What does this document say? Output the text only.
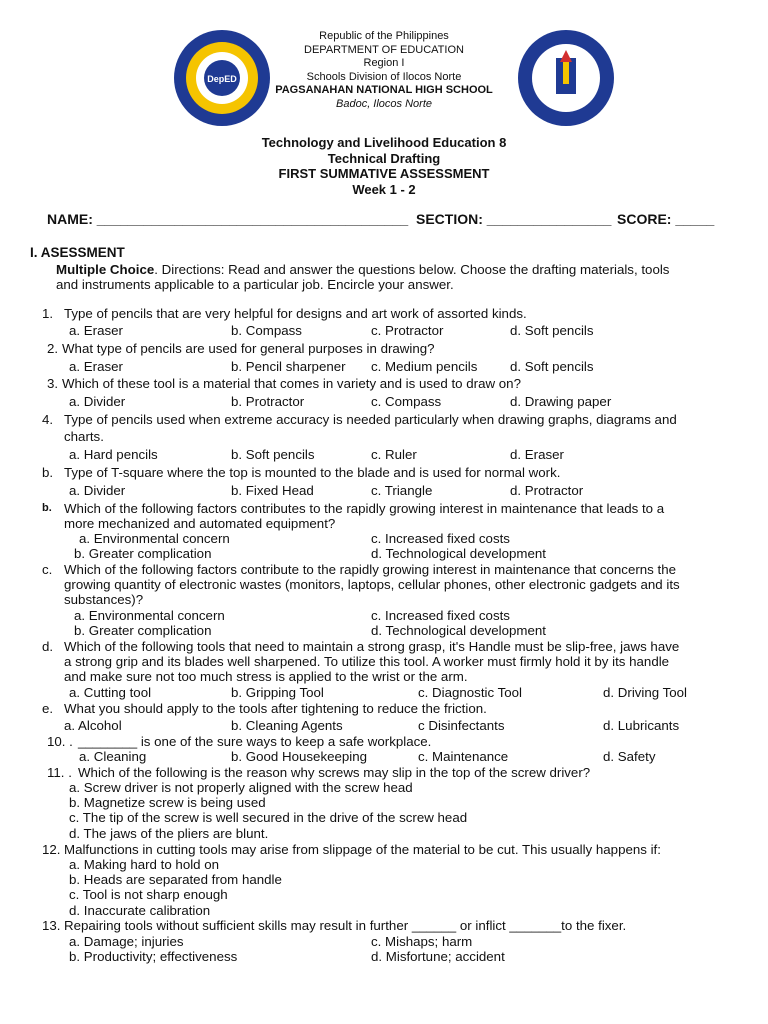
DepED
Republic of the Philippines
DEPARTMENT OF EDUCATION
Region I
Schools Division of Ilocos Norte
PAGSANAHAN NATIONAL HIGH SCHOOL
Badoc, Ilocos Norte
Technology and Livelihood Education 8
Technical Drafting
FIRST SUMMATIVE ASSESSMENT
Week 1 - 2
NAME: ________________________________________ SECTION: ________________ SCORE: _____
I. ASESSMENT
Multiple Choice. Directions: Read and answer the questions below. Choose the drafting materials, tools
and instruments applicable to a particular job. Encircle your answer.
1. Type of pencils that are very helpful for designs and art work of assorted kinds.
a. Eraser	b. Compass	c. Protractor	d. Soft pencils
2. What type of pencils are used for general purposes in drawing?
a. Eraser	b. Pencil sharpener c. Medium pencils d. Soft pencils
3. Which of these tool is a material that comes in variety and is used to draw on?
a. Divider	b. Protractor	c. Compass	d. Drawing paper
4. Type of pencils used when extreme accuracy is needed particularly when drawing graphs, diagrams and
charts.
a. Hard pencils	b. Soft pencils	c. Ruler	d. Eraser
b. Type of T-square where the top is mounted to the blade and is used for normal work.
a. Divider	b. Fixed Head	c. Triangle	d. Protractor
b. Which of the following factors contributes to the rapidly growing interest in maintenance that leads to a
more mechanized and automated equipment?
a. Environmental concern	c. Increased fixed costs
b. Greater complication	d. Technological development
c. Which of the following factors contribute to the rapidly growing interest in maintenance that concerns the
growing quantity of electronic wastes (monitors, laptops, cellular phones, other electronic gadgets and its
substances)?
a. Environmental concern	c. Increased fixed costs
b. Greater complication	d. Technological development
d. Which of the following tools that need to maintain a strong grasp, it's Handle must be slip-free, jaws have
a strong grip and its blades well sharpened. To utilize this tool. A worker must firmly hold it by its handle
and make sure not too much stress is applied to the wrist or the arm.
a. Cutting tool	b. Gripping Tool	c. Diagnostic Tool	d. Driving Tool
e. What you should apply to the tools after tightening to reduce the friction.
a. Alcohol	b. Cleaning Agents	c Disinfectants	d. Lubricants
10. . ________ is one of the sure ways to keep a safe workplace.
a. Cleaning	b. Good Housekeeping	c. Maintenance	d. Safety
11. . Which of the following is the reason why screws may slip in the top of the screw driver?
a. Screw driver is not properly aligned with the screw head
b. Magnetize screw is being used
c. The tip of the screw is well secured in the drive of the screw head
d. The jaws of the pliers are blunt.
12. Malfunctions in cutting tools may arise from slippage of the material to be cut. This usually happens if:
a. Making hard to hold on
b. Heads are separated from handle
c. Tool is not sharp enough
d. Inaccurate calibration
13. Repairing tools without sufficient skills may result in further ______ or inflict _______to the fixer.
a. Damage; injuries	c. Mishaps; harm
b. Productivity; effectiveness	d. Misfortune; accident
